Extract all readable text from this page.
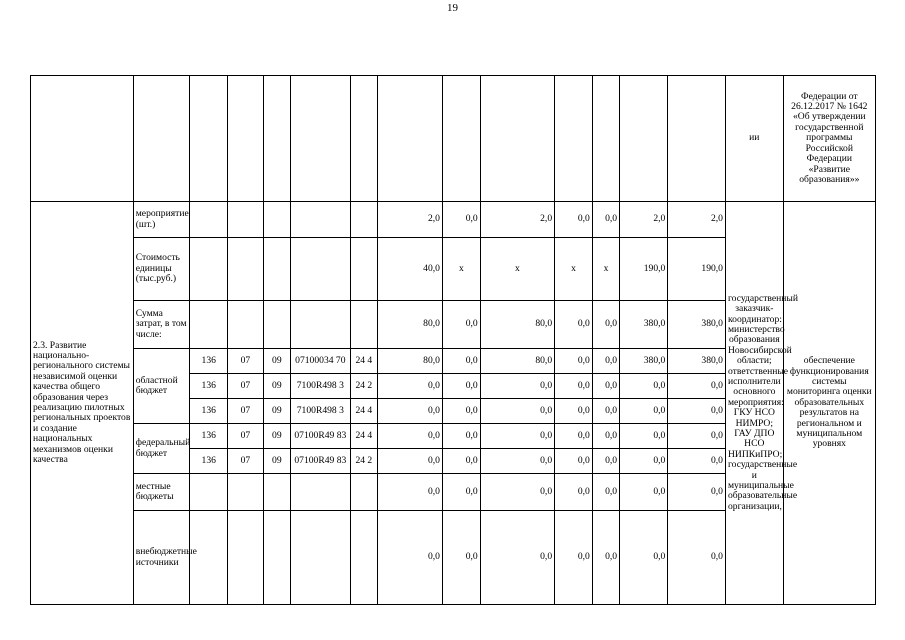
19
														ии	Федерации от 26.12.2017 № 1642 «Об утверждении государственной программы Российской Федерации «Развитие образования»»
2.3. Развитие национально-регионального системы независимой оценки качества общего образования через реализацию пилотных региональных проектов и создание национальных механизмов оценки качества	мероприятие (шт.)						2,0	0,0	2,0	0,0	0,0	2,0	2,0	государственный заказчик-координатор: министерство образования Новосибирской области; ответственные исполнители основного мероприятия: ГКУ НСО НИМРО; ГАУ ДПО НСО НИПКиПРО; государственные и муниципальные образовательные организации,	обеспечение функционирования системы мониторинга оценки образовательных результатов на региональном и муниципальном уровнях
	Стоимость единицы (тыс.руб.)						40,0	x	x	x	x	190,0	190,0		
	Сумма затрат, в том числе:						80,0	0,0	80,0	0,0	0,0	380,0	380,0		
	областной бюджет	136	07	09	07100034 70	24 4	80,0	0,0	80,0	0,0	0,0	380,0	380,0		
		136	07	09	7100R498 3	24 2	0,0	0,0	0,0	0,0	0,0	0,0	0,0		
		136	07	09	7100R498 3	24 4	0,0	0,0	0,0	0,0	0,0	0,0	0,0		
	федеральный бюджет	136	07	09	07100R49 83	24 4	0,0	0,0	0,0	0,0	0,0	0,0	0,0		
		136	07	09	07100R49 83	24 2	0,0	0,0	0,0	0,0	0,0	0,0	0,0		
	местные бюджеты						0,0	0,0	0,0	0,0	0,0	0,0	0,0		
	внебюджетные источники						0,0	0,0	0,0	0,0	0,0	0,0	0,0		
